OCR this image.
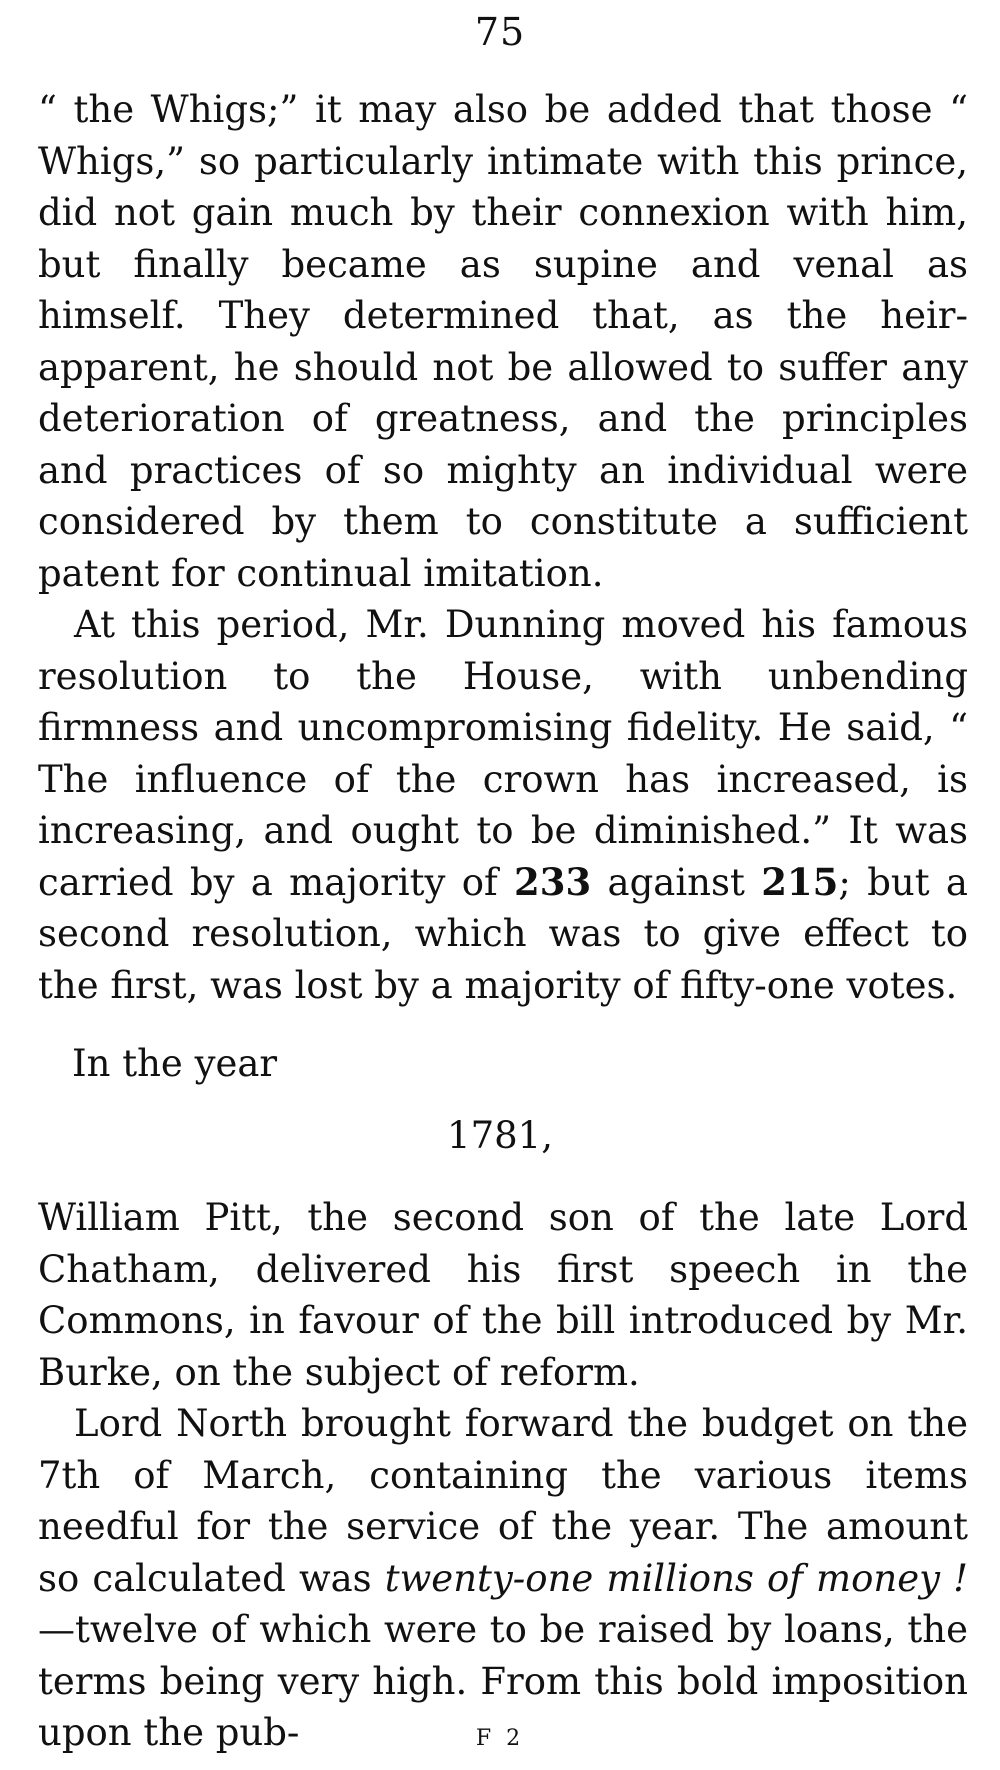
75

“ the Whigs;” it may also be added that those “ Whigs,” so particularly intimate with this prince, did not gain much by their connexion with him, but finally became as supine and venal as himself. They determined that, as the heir-apparent, he should not be allowed to suffer any deterioration of greatness, and the principles and practices of so mighty an individual were considered by them to constitute a sufficient patent for continual imitation.

At this period, Mr. Dunning moved his famous resolution to the House, with unbending firmness and uncompromising fidelity. He said, “ The influence of the crown has increased, is increasing, and ought to be diminished.” It was carried by a majority of 233 against 215; but a second resolution, which was to give effect to the first, was lost by a majority of fifty-one votes.

In the year
1781,

William Pitt, the second son of the late Lord Chatham, delivered his first speech in the Commons, in favour of the bill introduced by Mr. Burke, on the subject of reform.

Lord North brought forward the budget on the 7th of March, containing the various items needful for the service of the year. The amount so calculated was twenty-one millions of money !—twelve of which were to be raised by loans, the terms being very high. From this bold imposition upon the pub-	F 2
